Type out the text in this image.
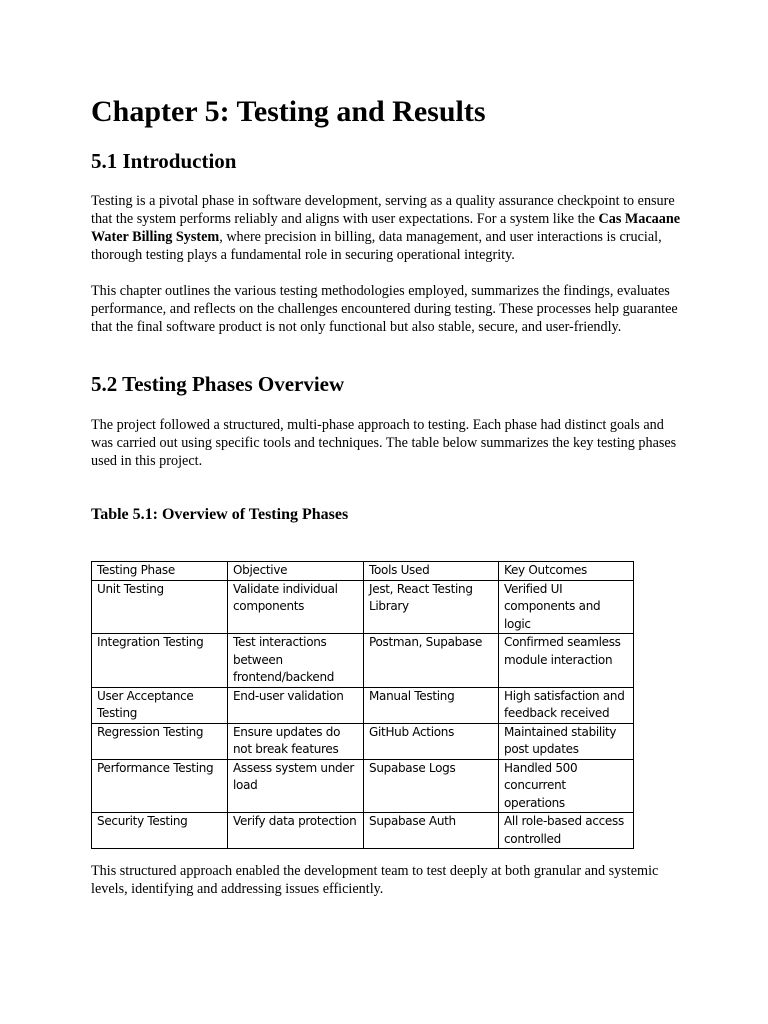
Chapter 5: Testing and Results
5.1 Introduction

Testing is a pivotal phase in software development, serving as a quality assurance checkpoint to ensure that the system performs reliably and aligns with user expectations. For a system like the Cas Macaane Water Billing System, where precision in billing, data management, and user interactions is crucial, thorough testing plays a fundamental role in securing operational integrity.

This chapter outlines the various testing methodologies employed, summarizes the findings, evaluates performance, and reflects on the challenges encountered during testing. These processes help guarantee that the final software product is not only functional but also stable, secure, and user-friendly.

5.2 Testing Phases Overview

The project followed a structured, multi-phase approach to testing. Each phase had distinct goals and was carried out using specific tools and techniques. The table below summarizes the key testing phases used in this project.

Table 5.1: Overview of Testing Phases
Testing Phase	Objective	Tools Used	Key Outcomes
Unit Testing	Validate individual components	Jest, React Testing Library	Verified UI components and logic
Integration Testing	Test interactions between frontend/backend	Postman, Supabase	Confirmed seamless module interaction
User Acceptance Testing	End-user validation	Manual Testing	High satisfaction and feedback received
Regression Testing	Ensure updates do not break features	GitHub Actions	Maintained stability post updates
Performance Testing	Assess system under load	Supabase Logs	Handled 500 concurrent operations
Security Testing	Verify data protection	Supabase Auth	All role-based access controlled

This structured approach enabled the development team to test deeply at both granular and systemic levels, identifying and addressing issues efficiently.
